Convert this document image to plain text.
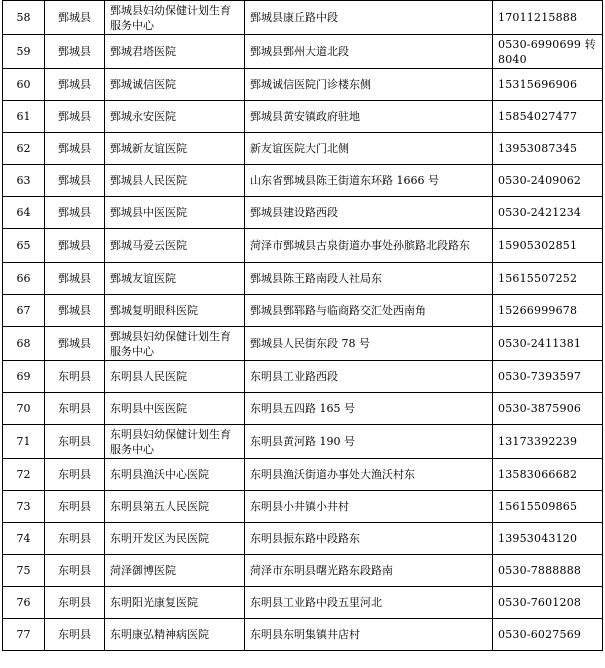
58	鄄城县	鄄城县妇幼保健计划生育服务中心	鄄城县康丘路中段	17011215888
59	鄄城县	鄄城君塔医院	鄄城县鄄州大道北段	0530-6990699 转 8040
60	鄄城县	鄄城诚信医院	鄄城诚信医院门诊楼东侧	15315696906
61	鄄城县	鄄城永安医院	鄄城县黄安镇政府驻地	15854027477
62	鄄城县	鄄城新友谊医院	新友谊医院大门北侧	13953087345
63	鄄城县	鄄城县人民医院	山东省鄄城县陈王街道东环路 1666 号	0530-2409062
64	鄄城县	鄄城县中医医院	鄄城县建设路西段	0530-2421234
65	鄄城县	鄄城马爱云医院	菏泽市鄄城县古泉街道办事处孙膑路北段路东	15905302851
66	鄄城县	鄄城友谊医院	鄄城县陈王路南段人社局东	15615507252
67	鄄城县	鄄城复明眼科医院	鄄城县鄄郓路与临商路交汇处西南角	15266999678
68	鄄城县	鄄城县妇幼保健计划生育服务中心	鄄城县人民街东段 78 号	0530-2411381
69	东明县	东明县人民医院	东明县工业路西段	0530-7393597
70	东明县	东明县中医医院	东明县五四路 165 号	0530-3875906
71	东明县	东明县妇幼保健计划生育服务中心	东明县黄河路 190 号	13173392239
72	东明县	东明县渔沃中心医院	东明县渔沃街道办事处大渔沃村东	13583066682
73	东明县	东明县第五人民医院	东明县小井镇小井村	15615509865
74	东明县	东明开发区为民医院	东明县振东路中段路东	13953043120
75	东明县	菏泽御博医院	菏泽市东明县曙光路东段路南	0530-7888888
76	东明县	东明阳光康复医院	东明县工业路中段五里河北	0530-7601208
77	东明县	东明康弘精神病医院	东明县东明集镇井店村	0530-6027569
